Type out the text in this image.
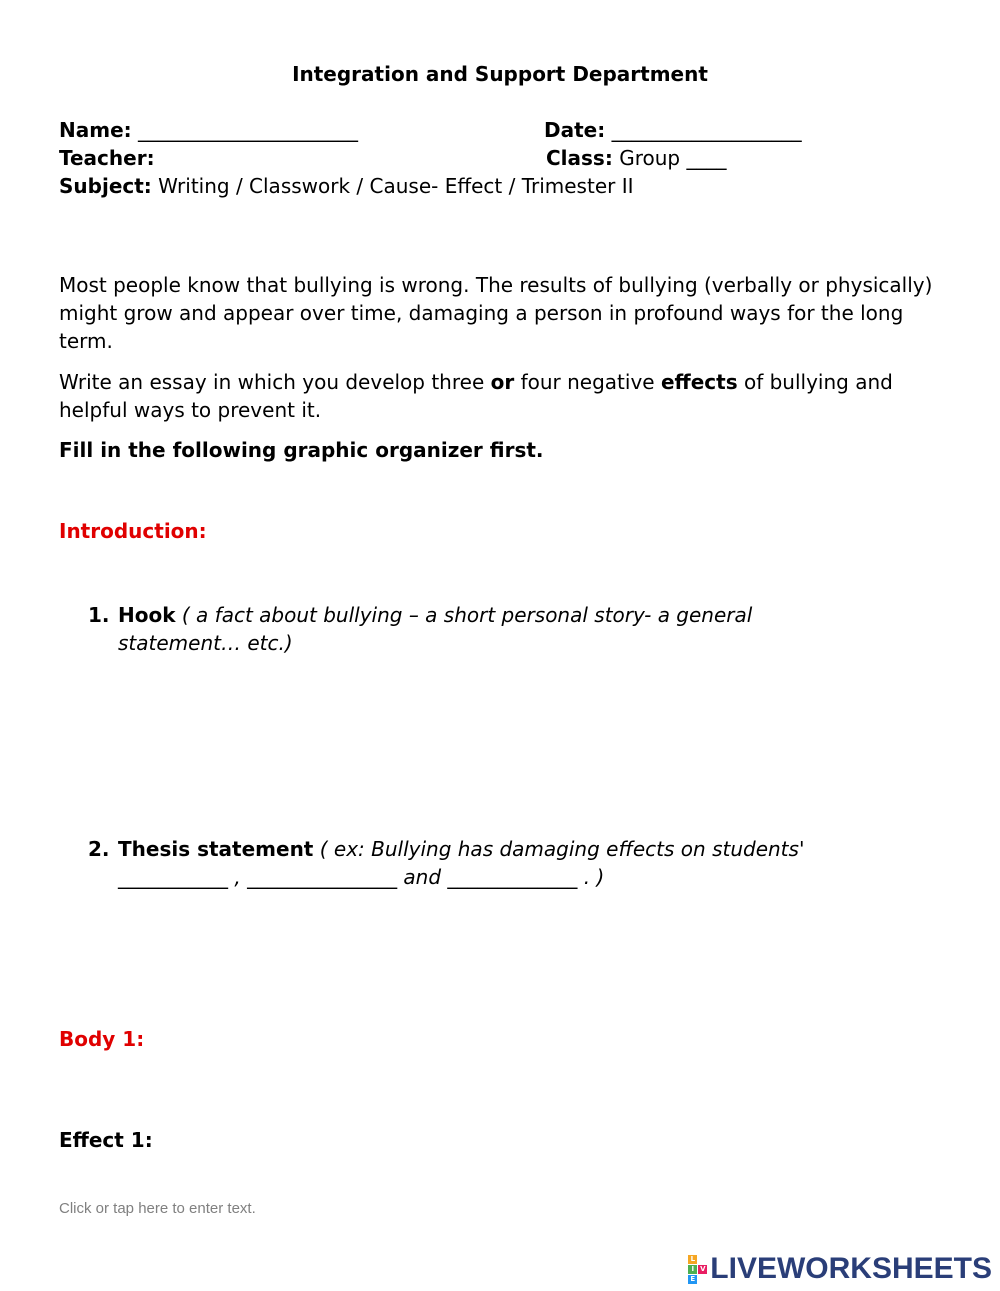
Integration and Support Department
Name: ______________________	Date: ___________________
Teacher:	Class: Group ____
Subject: Writing / Classwork / Cause- Effect / Trimester II
Most people know that bullying is wrong. The results of bullying (verbally or physically) might grow and appear over time, damaging a person in profound ways for the long term.
Write an essay in which you develop three or four negative effects of bullying and helpful ways to prevent it.
Fill in the following graphic organizer first.
Introduction:
1. Hook ( a fact about bullying – a short personal story- a general
statement… etc.)
2. Thesis statement ( ex: Bullying has damaging effects on students'
___________ , _______________ and _____________ . )
Body 1:
Effect 1:
Click or tap here to enter text.
L
I V
E LIVEWORKSHEETS
